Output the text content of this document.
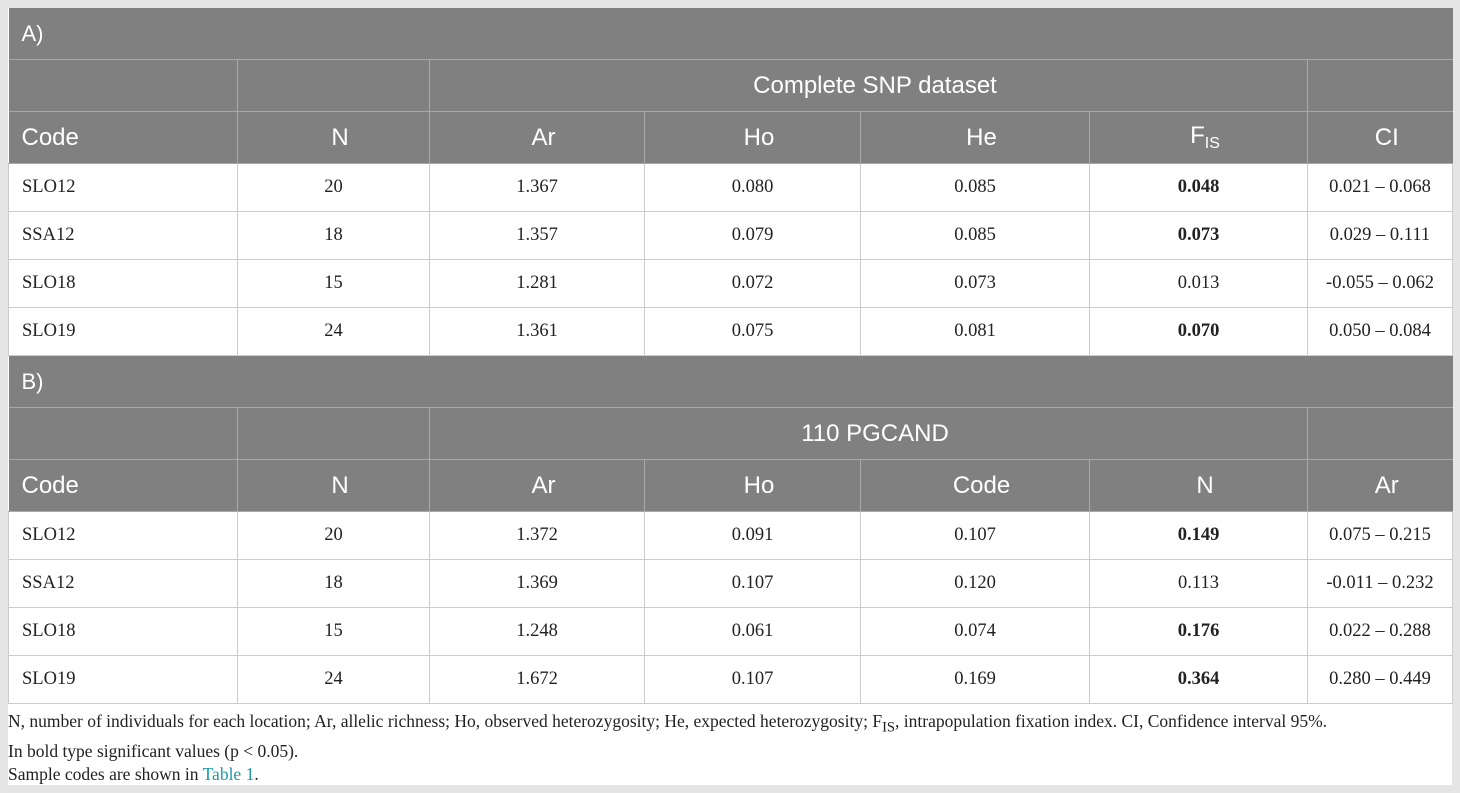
A)						
		Complete SNP dataset				
Code	N	Ar	Ho	He	$F_{IS}$	CI
SLO12	20	1.367	0.080	0.085	0.048	0.021 – 0.068
SSA12	18	1.357	0.079	0.085	0.073	0.029 – 0.111
SLO18	15	1.281	0.072	0.073	0.013	-0.055 – 0.062
SLO19	24	1.361	0.075	0.081	0.070	0.050 – 0.084
B)						
		110 PGCAND				
Code	N	Ar	Ho	Code	N	Ar
SLO12	20	1.372	0.091	0.107	0.149	0.075 – 0.215
SSA12	18	1.369	0.107	0.120	0.113	-0.011 – 0.232
SLO18	15	1.248	0.061	0.074	0.176	0.022 – 0.288
SLO19	24	1.672	0.107	0.169	0.364	0.280 – 0.449

N, number of individuals for each location; Ar, allelic richness; Ho, observed heterozygosity; He, expected heterozygosity; $F_{IS}$, intrapopulation fixation index. CI, Confidence interval 95%.

In bold type significant values (p < 0.05).

Sample codes are shown in Table 1.
